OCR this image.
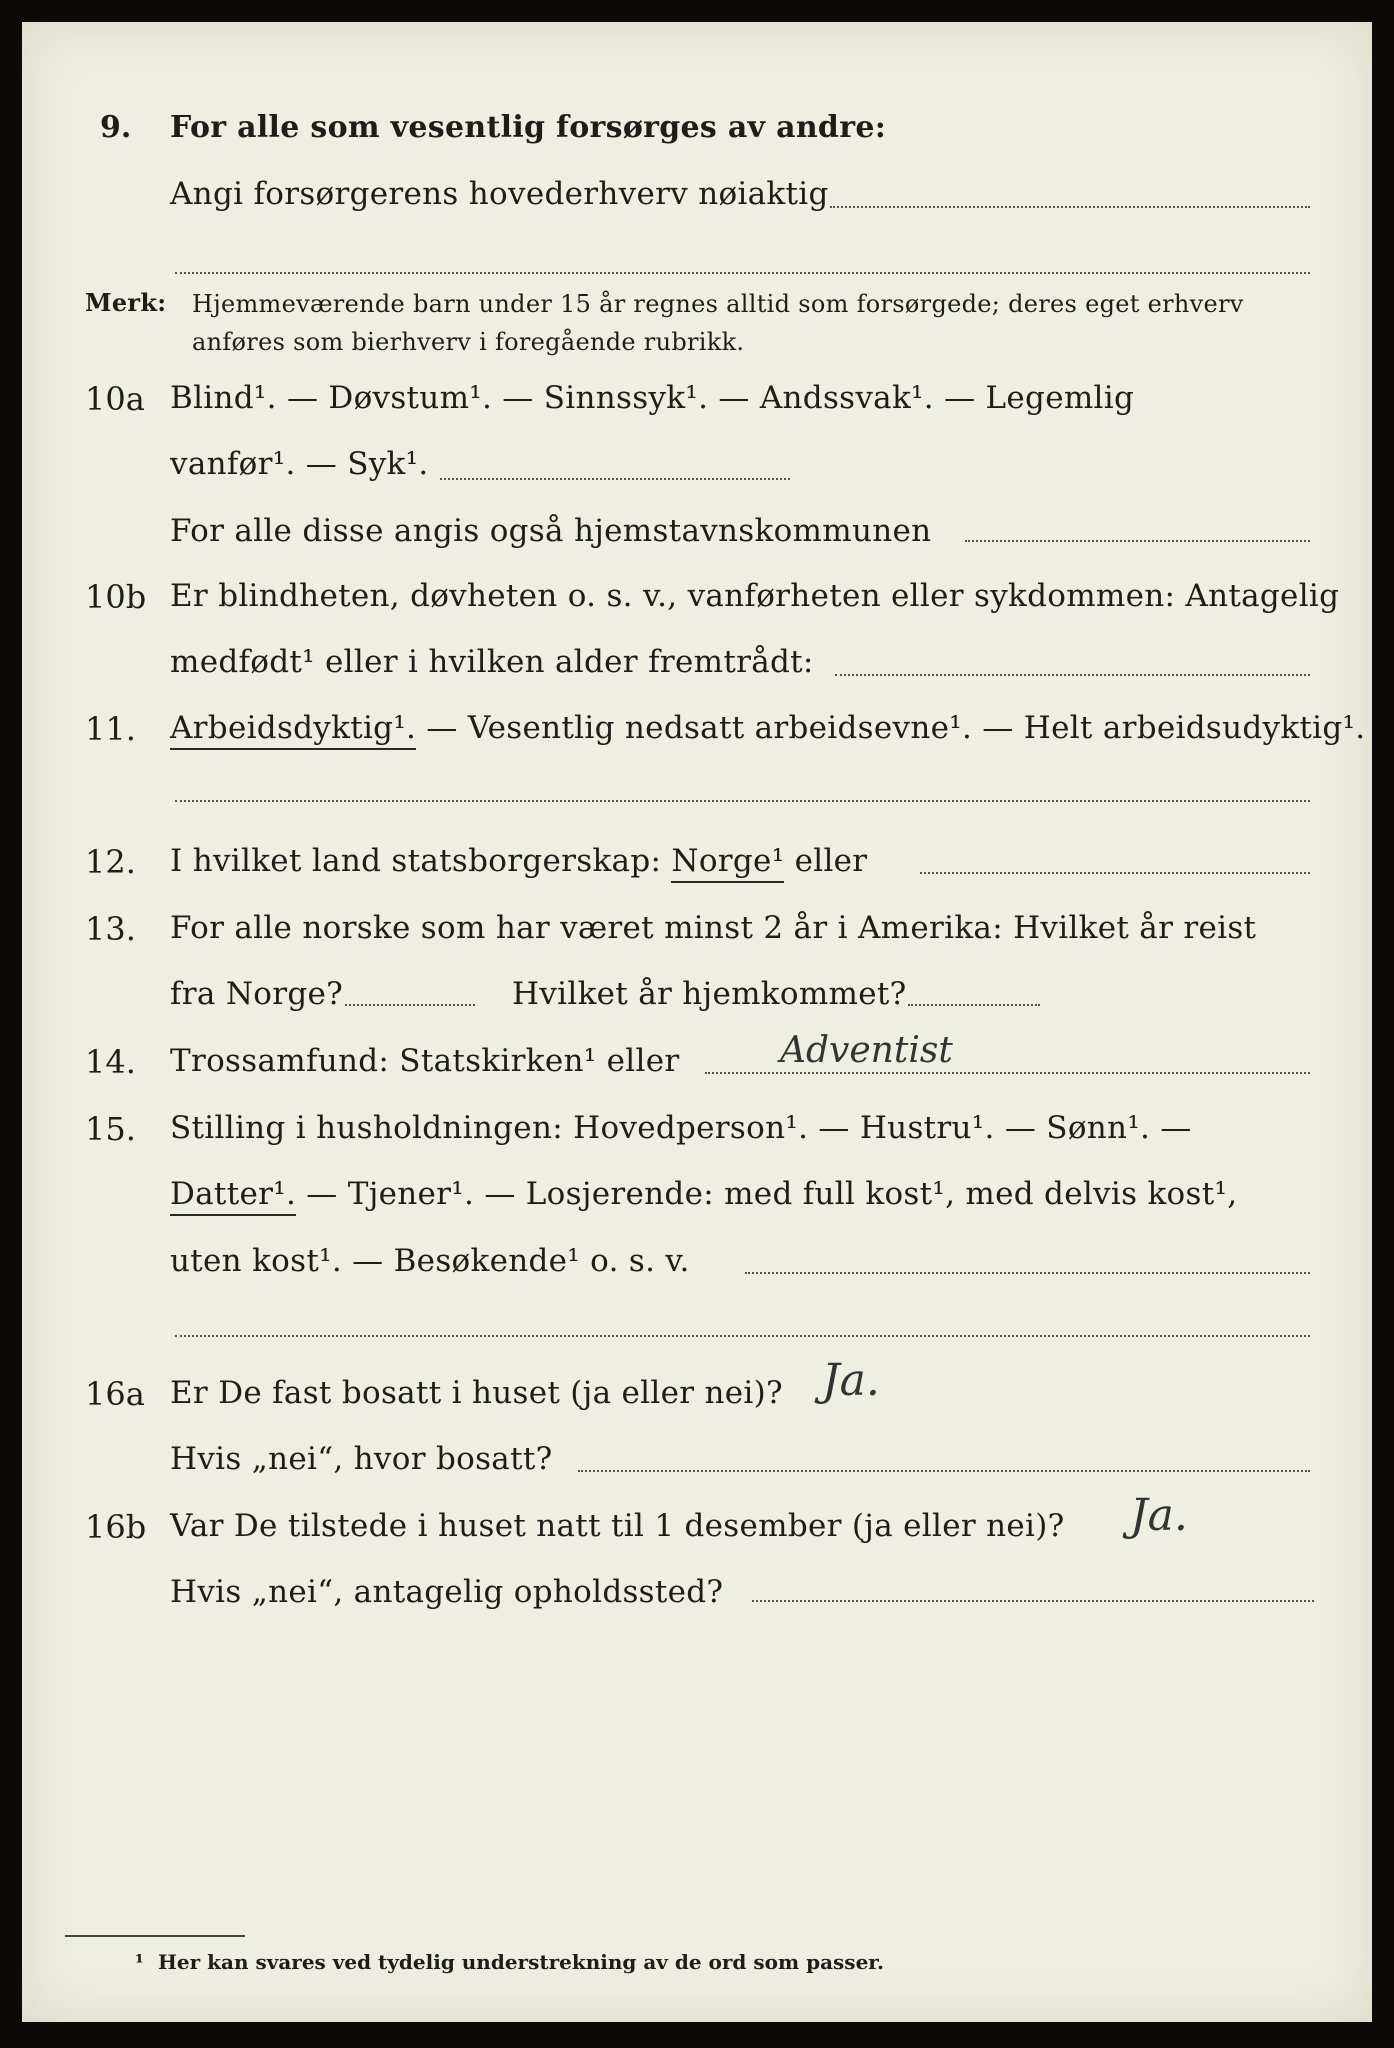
9. For alle som vesentlig forsørges av andre:
Angi forsørgerens hovederhverv nøiaktig
Merk: Hjemmeværende barn under 15 år regnes alltid som forsørgede; deres eget erhverv
anføres som bierhverv i foregående rubrikk.
10a Blind¹. — Døvstum¹. — Sinnssyk¹. — Andssvak¹. — Legemlig
vanfør¹. — Syk¹.
For alle disse angis også hjemstavnskommunen
10b Er blindheten, døvheten o. s. v., vanførheten eller sykdommen: Antagelig
medfødt¹ eller i hvilken alder fremtrådt:
11. Arbeidsdyktig¹. — Vesentlig nedsatt arbeidsevne¹. — Helt arbeidsudyktig¹.
12. I hvilket land statsborgerskap: Norge¹ eller
13. For alle norske som har været minst 2 år i Amerika: Hvilket år reist
fra Norge?	Hvilket år hjemkommet?
14. Trossamfund: Statskirken¹ eller	Adventist
15. Stilling i husholdningen: Hovedperson¹. — Hustru¹. — Sønn¹. —
Datter¹. — Tjener¹. — Losjerende: med full kost¹, med delvis kost¹,
uten kost¹. — Besøkende¹ o. s. v.
16a Er De fast bosatt i huset (ja eller nei)? Ja.
Hvis „nei“, hvor bosatt?
16b Var De tilstede i huset natt til 1 desember (ja eller nei)? Ja.
Hvis „nei“, antagelig opholdssted?
¹ Her kan svares ved tydelig understrekning av de ord som passer.
